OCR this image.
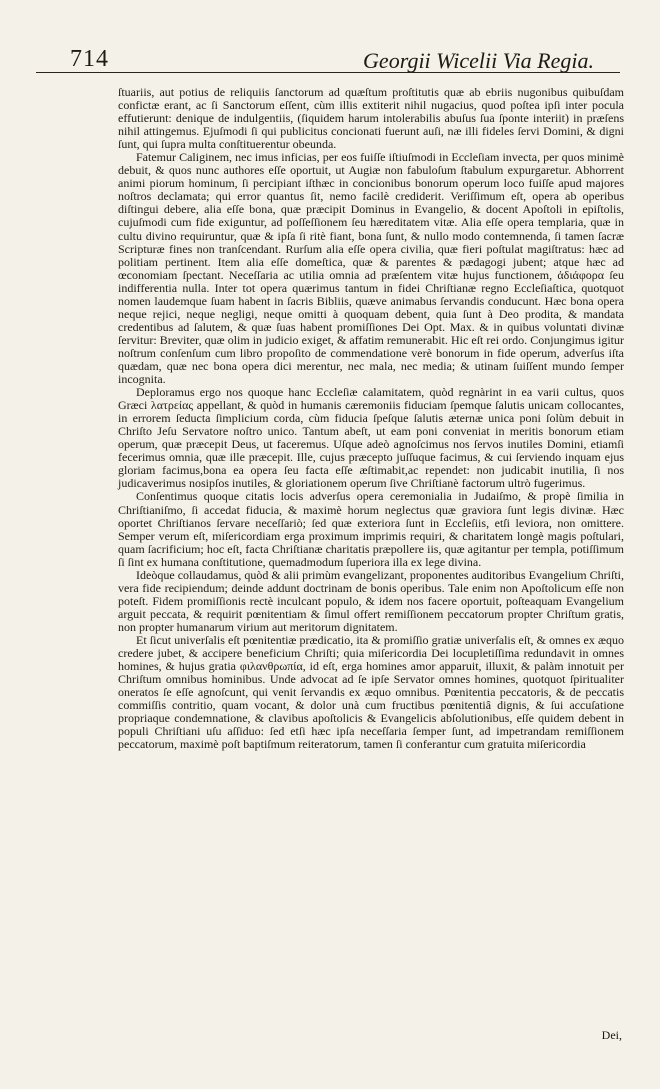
714	Georgii Wicelii Via Regia.

ſtuariis, aut potius de reliquiis ſanctorum ad quæſtum proſtitutis quæ ab ebriis nugonibus quibuſdam confictæ erant, ac ſi Sanctorum eſſent, cùm illis extiterit nihil nugacius, quod poſtea ipſi inter pocula effutierunt: denique de indulgentiis, (ſiquidem harum intolerabilis abuſus ſua ſponte interiit) in præſens nihil attingemus. Ejuſmodi ſi qui publicitus concionati fuerunt auſi, næ illi fideles ſervi Domini, & digni ſunt, qui ſupra multa conſtituerentur obeunda.

Fatemur Caliginem, nec imus inficias, per eos fuiſſe iſtiuſmodi in Eccleſiam invecta, per quos minimè debuit, & quos nunc authores eſſe oportuit, ut Augiæ non fabuloſum ſtabulum expurgaretur. Abhorrent animi piorum hominum, ſi percipiant iſthæc in concionibus bonorum operum loco fuiſſe apud majores noſtros declamata; qui error quantus ſit, nemo facilè crediderit. Veriſſimum eſt, opera ab operibus diſtingui debere, alia eſſe bona, quæ præcipit Dominus in Evangelio, & docent Apoſtoli in epiſtolis, cujuſmodi cum fide exiguntur, ad poſſeſſionem ſeu hæreditatem vitæ. Alia eſſe opera templaria, quæ in cultu divino requiruntur, quæ & ipſa ſi ritè fiant, bona ſunt, & nullo modo contemnenda, ſi tamen ſacræ Scripturæ fines non tranſcendant. Rurſum alia eſſe opera civilia, quæ fieri poſtulat magiſtratus: hæc ad politiam pertinent. Item alia eſſe domeſtica, quæ & parentes & pædagogi jubent; atque hæc ad œconomiam ſpectant. Neceſſaria ac utilia omnia ad præſentem vitæ hujus functionem, ἀδιάφορα ſeu indifferentia nulla. Inter tot opera quærimus tantum in fidei Chriſtianæ regno Eccleſiaſtica, quotquot nomen laudemque ſuam habent in ſacris Bibliis, quæve animabus ſervandis conducunt. Hæc bona opera neque rejici, neque negligi, neque omitti à quoquam debent, quia ſunt à Deo prodita, & mandata credentibus ad ſalutem, & quæ ſuas habent promiſſiones Dei Opt. Max. & in quibus voluntati divinæ ſervitur: Breviter, quæ olim in judicio exiget, & affatim remunerabit. Hic eſt rei ordo. Conjungimus igitur noſtrum conſenſum cum libro propoſito de commendatione verè bonorum in fide operum, adverſus iſta quædam, quæ nec bona opera dici merentur, nec mala, nec media; & utinam ſuiſſent mundo ſemper incognita.

Deploramus ergo nos quoque hanc Eccleſiæ calamitatem, quòd regnàrint in ea varii cultus, quos Græci λατρείας appellant, & quòd in humanis cæremoniis fiduciam ſpemque ſalutis unicam collocantes, in errorem ſeducta ſimplicium corda, cùm fiducia ſpeſque ſalutis æternæ unica poni ſolùm debuit in Chriſto Jeſu Servatore noſtro unico. Tantum abeſt, ut eam poni conveniat in meritis bonorum etiam operum, quæ præcepit Deus, ut faceremus. Uſque adeò agnoſcimus nos ſervos inutiles Domini, etiamſi fecerimus omnia, quæ ille præcepit. Ille, cujus præcepto juſſuque facimus, & cui ſerviendo inquam ejus gloriam facimus,bona ea opera ſeu facta eſſe æſtimabit,ac rependet: non judicabit inutilia, ſi nos judicaverimus nosipſos inutiles, & gloriationem operum ſive Chriſtianè factorum ultrò fugerimus.

Conſentimus quoque citatis locis adverſus opera ceremonialia in Judaiſmo, & propè ſimilia in Chriſtianiſmo, ſi accedat fiducia, & maximè horum neglectus quæ graviora ſunt legis divinæ. Hæc oportet Chriſtianos ſervare neceſſariò; ſed quæ exteriora ſunt in Eccleſiis, etſi leviora, non omittere. Semper verum eſt, miſericordiam erga proximum imprimis requiri, & charitatem longè magis poſtulari, quam ſacrificium; hoc eſt, facta Chriſtianæ charitatis præpollere iis, quæ agitantur per templa, potiſſimum ſi ſint ex humana conſtitutione, quemadmodum ſuperiora illa ex lege divina.

Ideòque collaudamus, quòd & alii primùm evangelizant, proponentes auditoribus Evangelium Chriſti, vera fide recipiendum; deinde addunt doctrinam de bonis operibus. Tale enim non Apoſtolicum eſſe non poteſt. Fidem promiſſionis rectè inculcant populo, & idem nos facere oportuit, poſteaquam Evangelium arguit peccata, & requirit pœnitentiam & ſimul offert remiſſionem peccatorum propter Chriſtum gratis, non propter humanarum virium aut meritorum dignitatem.

Et ſicut univerſalis eſt pœnitentiæ prædicatio, ita & promiſſio gratiæ univerſalis eſt, & omnes ex æquo credere jubet, & accipere beneficium Chriſti; quia miſericordia Dei locupletiſſima redundavit in omnes homines, & hujus gratia φιλανθρωπία, id eſt, erga homines amor apparuit, illuxit, & palàm innotuit per Chriſtum omnibus hominibus. Unde advocat ad ſe ipſe Servator omnes homines, quotquot ſpiritualiter oneratos ſe eſſe agnoſcunt, qui venit ſervandis ex æquo omnibus. Pœnitentia peccatoris, & de peccatis commiſſis contritio, quam vocant, & dolor unà cum fructibus pœnitentiâ dignis, & ſui accuſatione propriaque condemnatione, & clavibus apoſtolicis & Evangelicis abſolutionibus, eſſe quidem debent in populi Chriſtiani uſu aſſiduo: ſed etſi hæc ipſa neceſſaria ſemper ſunt, ad impetrandam remiſſionem peccatorum, maximè poſt baptiſmum reiteratorum, tamen ſi conferantur cum gratuita miſericordia

Dei,
